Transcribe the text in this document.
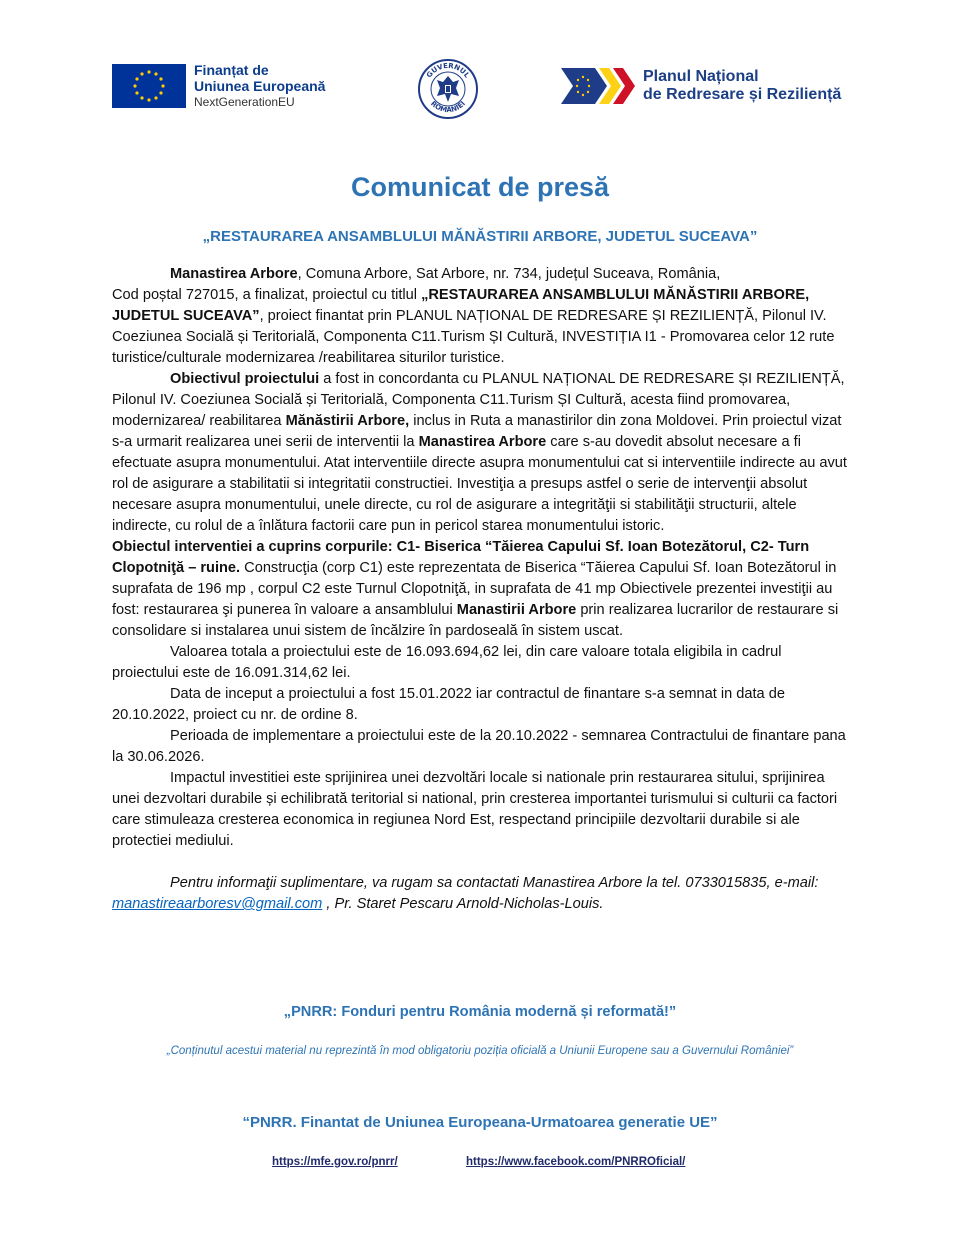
Finanțat de
Uniunea Europeană
NextGenerationEU
GUVERNUL
ROMÂNIEI
Planul Național
de Redresare și Reziliență
Comunicat de presă
„RESTAURAREA ANSAMBLULUI MĂNĂSTIRII ARBORE, JUDETUL SUCEAVA”

Manastirea Arbore, Comuna Arbore, Sat Arbore, nr. 734, județul Suceava, România,
Cod poștal 727015, a finalizat, proiectul cu titlul „RESTAURAREA ANSAMBLULUI MĂNĂSTIRII ARBORE, JUDETUL SUCEAVA”, proiect finantat prin PLANUL NAȚIONAL DE REDRESARE ȘI REZILIENȚĂ, Pilonul IV. Coeziunea Socială și Teritorială, Componenta C11.Turism ȘI Cultură, INVESTIȚIA I1 - Promovarea celor 12 rute turistice/culturale modernizarea /reabilitarea siturilor turistice.

Obiectivul proiectului a fost in concordanta cu PLANUL NAȚIONAL DE REDRESARE ȘI REZILIENȚĂ, Pilonul IV. Coeziunea Socială și Teritorială, Componenta C11.Turism ȘI Cultură, acesta fiind promovarea, modernizarea/ reabilitarea Mănăstirii Arbore, inclus in Ruta a manastirilor din zona Moldovei. Prin proiectul vizat s-a urmarit realizarea unei serii de interventii la Manastirea Arbore care s-au dovedit absolut necesare a fi efectuate asupra monumentului. Atat interventiile directe asupra monumentului cat si interventiile indirecte au avut rol de asigurare a stabilitatii si integritatii constructiei. Investiţia a presups astfel o serie de intervenţii absolut necesare asupra monumentului, unele directe, cu rol de asigurare a integrităţii si stabilităţii structurii, altele indirecte, cu rolul de a înlătura factorii care pun in pericol starea monumentului istoric.

Obiectul interventiei a cuprins corpurile: C1- Biserica “Tăierea Capului Sf. Ioan Botezătorul, C2- Turn Clopotniţă – ruine. Construcţia (corp C1) este reprezentata de Biserica “Tăierea Capului Sf. Ioan Botezătorul in suprafata de 196 mp , corpul C2 este Turnul Clopotniţă, in suprafata de 41 mp Obiectivele prezentei investiţii au fost: restaurarea şi punerea în valoare a ansamblului Manastirii Arbore prin realizarea lucrarilor de restaurare si consolidare si instalarea unui sistem de încălzire în pardoseală în sistem uscat.

Valoarea totala a proiectului este de 16.093.694,62 lei, din care valoare totala eligibila in cadrul proiectului este de 16.091.314,62 lei.

Data de inceput a proiectului a fost 15.01.2022 iar contractul de finantare s-a semnat in data de 20.10.2022, proiect cu nr. de ordine 8.

Perioada de implementare a proiectului este de la 20.10.2022 - semnarea Contractului de finantare pana la 30.06.2026.

Impactul investitiei este sprijinirea unei dezvoltări locale si nationale prin restaurarea sitului, sprijinirea unei dezvoltari durabile și echilibrată teritorial si national, prin cresterea importantei turismului si culturii ca factori care stimuleaza cresterea economica in regiunea Nord Est, respectand principiile dezvoltarii durabile si ale protectiei mediului.

Pentru informaţii suplimentare, va rugam sa contactati Manastirea Arbore la tel. 0733015835, e-mail: manastireaarboresv@gmail.com , Pr. Staret Pescaru Arnold-Nicholas-Louis.

„PNRR: Fonduri pentru România modernă și reformată!”
„Conținutul acestui material nu reprezintă în mod obligatoriu poziția oficială a Uniunii Europene sau a Guvernului României”
“PNRR. Finantat de Uniunea Europeana-Urmatoarea generatie UE”
https://mfe.gov.ro/pnrr/	https://www.facebook.com/PNRROficial/
